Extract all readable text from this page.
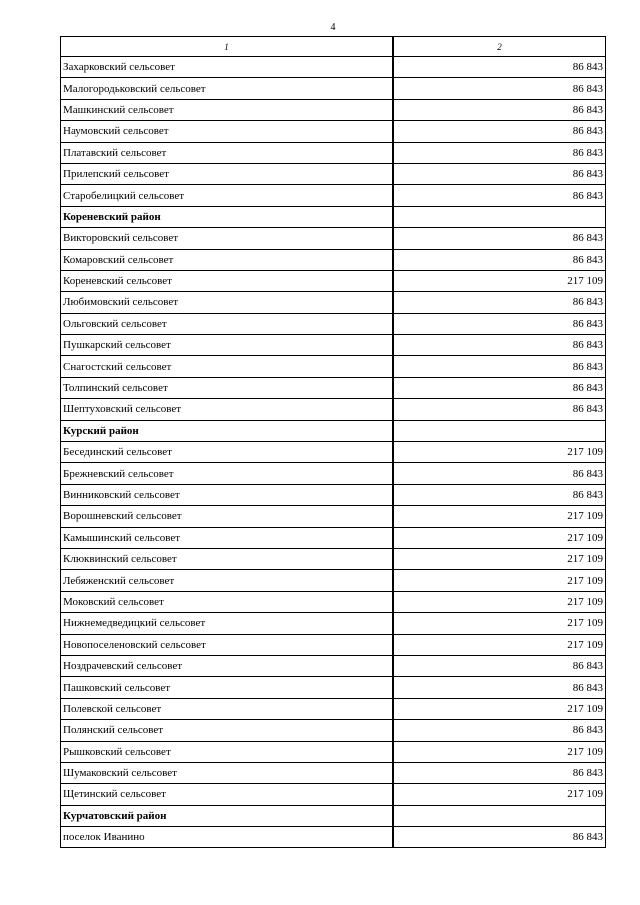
4
1	2
Захарковский сельсовет	86 843
Малогородьковский сельсовет	86 843
Машкинский сельсовет	86 843
Наумовский сельсовет	86 843
Платавский сельсовет	86 843
Прилепский сельсовет	86 843
Старобелицкий сельсовет	86 843
Кореневский район
Викторовский сельсовет	86 843
Комаровский сельсовет	86 843
Кореневский сельсовет	217 109
Любимовский сельсовет	86 843
Ольговский сельсовет	86 843
Пушкарский сельсовет	86 843
Снагостский сельсовет	86 843
Толпинский сельсовет	86 843
Шептуховский сельсовет	86 843
Курский район
Бесединский сельсовет	217 109
Брежневский сельсовет	86 843
Винниковский сельсовет	86 843
Ворошневский сельсовет	217 109
Камышинский сельсовет	217 109
Клюквинский сельсовет	217 109
Лебяженский сельсовет	217 109
Моковский сельсовет	217 109
Нижнемедведицкий сельсовет	217 109
Новопоселеновский сельсовет	217 109
Ноздрачевский сельсовет	86 843
Пашковский сельсовет	86 843
Полевской сельсовет	217 109
Полянский сельсовет	86 843
Рышковский сельсовет	217 109
Шумаковский сельсовет	86 843
Щетинский сельсовет	217 109
Курчатовский район
поселок Иванино	86 843
